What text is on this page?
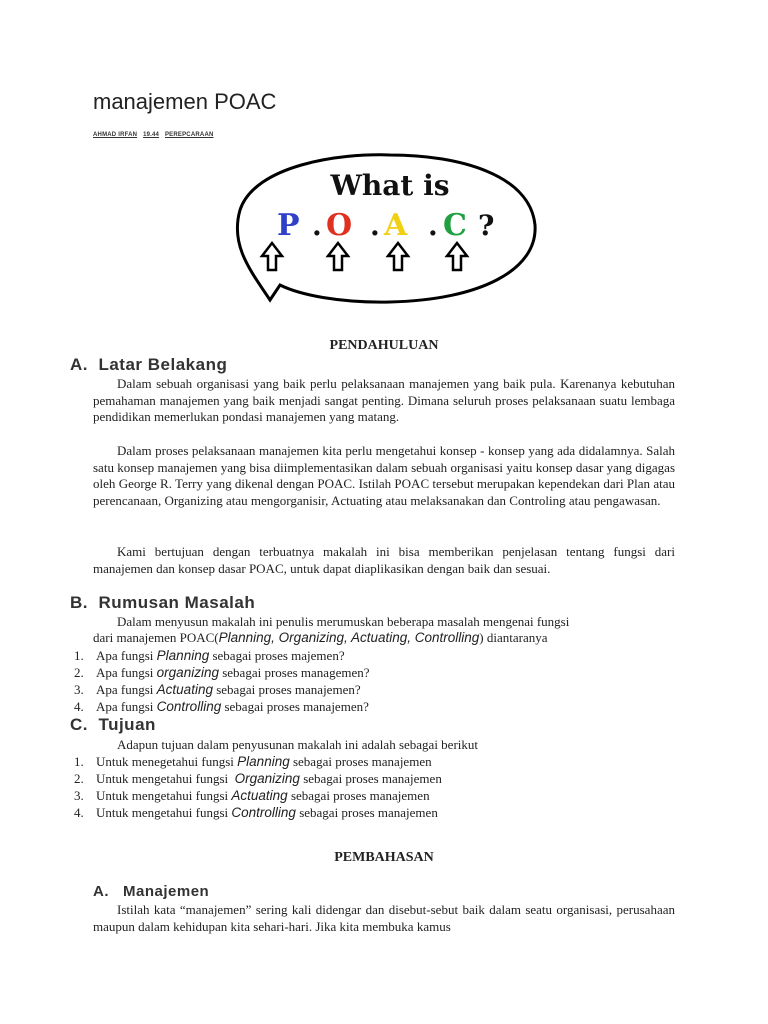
manajemen POAC
AHMAD IRFAN 19.44 PEREPCARAAN
What is
P . O . A . C ?
PENDAHULUAN
A. Latar Belakang
Dalam sebuah organisasi yang baik perlu pelaksanaan manajemen yang baik pula. Karenanya kebutuhan pemahaman manajemen yang baik menjadi sangat penting. Dimana seluruh proses pelaksanaan suatu lembaga pendidikan memerlukan pondasi manajemen yang matang.
Dalam proses pelaksanaan manajemen kita perlu mengetahui konsep - konsep yang ada didalamnya. Salah satu konsep manajemen yang bisa diimplementasikan dalam sebuah organisasi yaitu konsep dasar yang digagas oleh George R. Terry yang dikenal dengan POAC. Istilah POAC tersebut merupakan kependekan dari Plan atau perencanaan, Organizing atau mengorganisir, Actuating atau melaksanakan dan Controling atau pengawasan.
Kami bertujuan dengan terbuatnya makalah ini bisa memberikan penjelasan tentang fungsi dari manajemen dan konsep dasar POAC, untuk dapat diaplikasikan dengan baik dan sesuai.
B. Rumusan Masalah
Dalam menyusun makalah ini penulis merumuskan beberapa masalah mengenai fungsi
dari manajemen POAC(Planning, Organizing, Actuating, Controlling) diantaranya
1. Apa fungsi Planning sebagai proses majemen?
2. Apa fungsi organizing sebagai proses managemen?
3. Apa fungsi Actuating sebagai proses manajemen?
4. Apa fungsi Controlling sebagai proses manajemen?
C. Tujuan
Adapun tujuan dalam penyusunan makalah ini adalah sebagai berikut
1. Untuk menegetahui fungsi Planning sebagai proses manajemen
2. Untuk mengetahui fungsi  Organizing sebagai proses manajemen
3. Untuk mengetahui fungsi Actuating sebagai proses manajemen
4. Untuk mengetahui fungsi Controlling sebagai proses manajemen
PEMBAHASAN
A. Manajemen
Istilah kata “manajemen” sering kali didengar dan disebut-sebut baik dalam seatu organisasi, perusahaan maupun dalam kehidupan kita sehari-hari. Jika kita membuka kamus
